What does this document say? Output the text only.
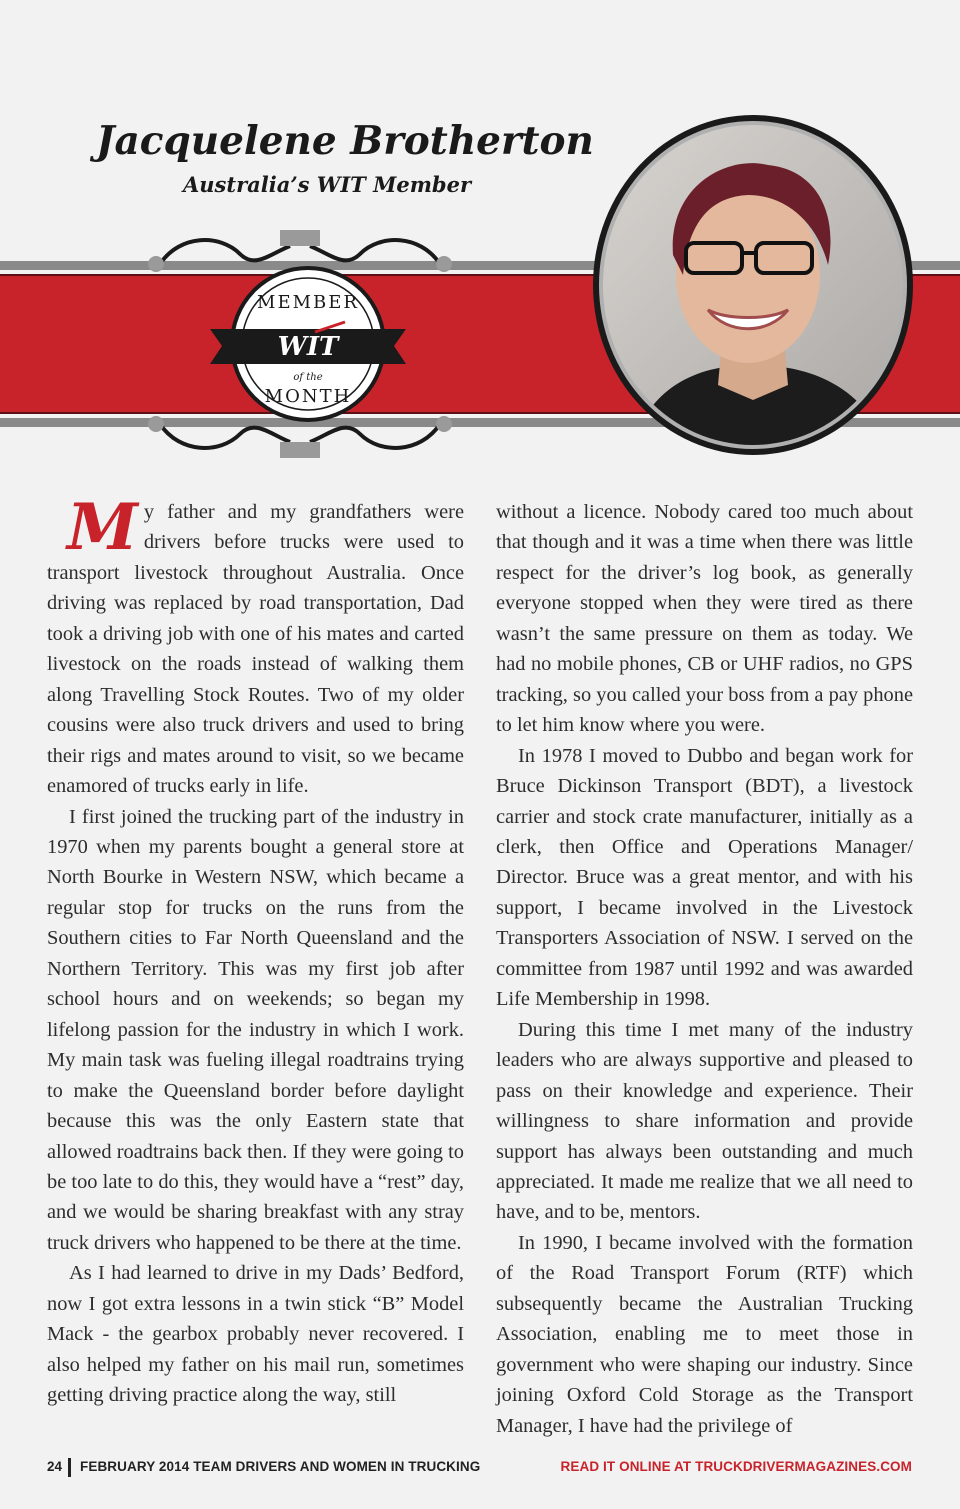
MEMBER
WIT
of the
MONTH
Jacquelene Brotherton
Australia’s WIT Member

My father and my grandfathers were drivers before trucks were used to transport livestock throughout Australia. Once driving was replaced by road transportation, Dad took a driving job with one of his mates and carted livestock on the roads instead of walking them along Travelling Stock Routes. Two of my older cousins were also truck drivers and used to bring their rigs and mates around to visit, so we became enamored of trucks early in life.

I first joined the trucking part of the industry in 1970 when my parents bought a general store at North Bourke in Western NSW, which became a regular stop for trucks on the runs from the Southern cities to Far North Queensland and the Northern Territory. This was my first job after school hours and on weekends; so began my lifelong passion for the industry in which I work. My main task was fueling illegal roadtrains trying to make the Queensland border before daylight because this was the only Eastern state that allowed roadtrains back then. If they were going to be too late to do this, they would have a “rest” day, and we would be sharing breakfast with any stray truck drivers who happened to be there at the time.

As I had learned to drive in my Dads’ Bedford, now I got extra lessons in a twin stick “B” Model Mack - the gearbox probably never recovered. I also helped my father on his mail run, sometimes getting driving practice along the way, still

without a licence. Nobody cared too much about that though and it was a time when there was little respect for the driver’s log book, as generally everyone stopped when they were tired as there wasn’t the same pressure on them as today. We had no mobile phones, CB or UHF radios, no GPS tracking, so you called your boss from a pay phone to let him know where you were.

In 1978 I moved to Dubbo and began work for Bruce Dickinson Transport (BDT), a livestock carrier and stock crate manufacturer, initially as a clerk, then Office and Operations Manager/ Director. Bruce was a great mentor, and with his support, I became involved in the Livestock Transporters Association of NSW. I served on the committee from 1987 until 1992 and was awarded Life Membership in 1998.

During this time I met many of the industry leaders who are always supportive and pleased to pass on their knowledge and experience. Their willingness to share information and provide support has always been outstanding and much appreciated. It made me realize that we all need to have, and to be, mentors.

In 1990, I became involved with the formation of the Road Transport Forum (RTF) which subsequently became the Australian Trucking Association, enabling me to meet those in government who were shaping our industry. Since joining Oxford Cold Storage as the Transport Manager, I have had the privilege of

24 FEBRUARY 2014 TEAM DRIVERS AND WOMEN IN TRUCKING	READ IT ONLINE AT TRUCKDRIVERMAGAZINES.COM
